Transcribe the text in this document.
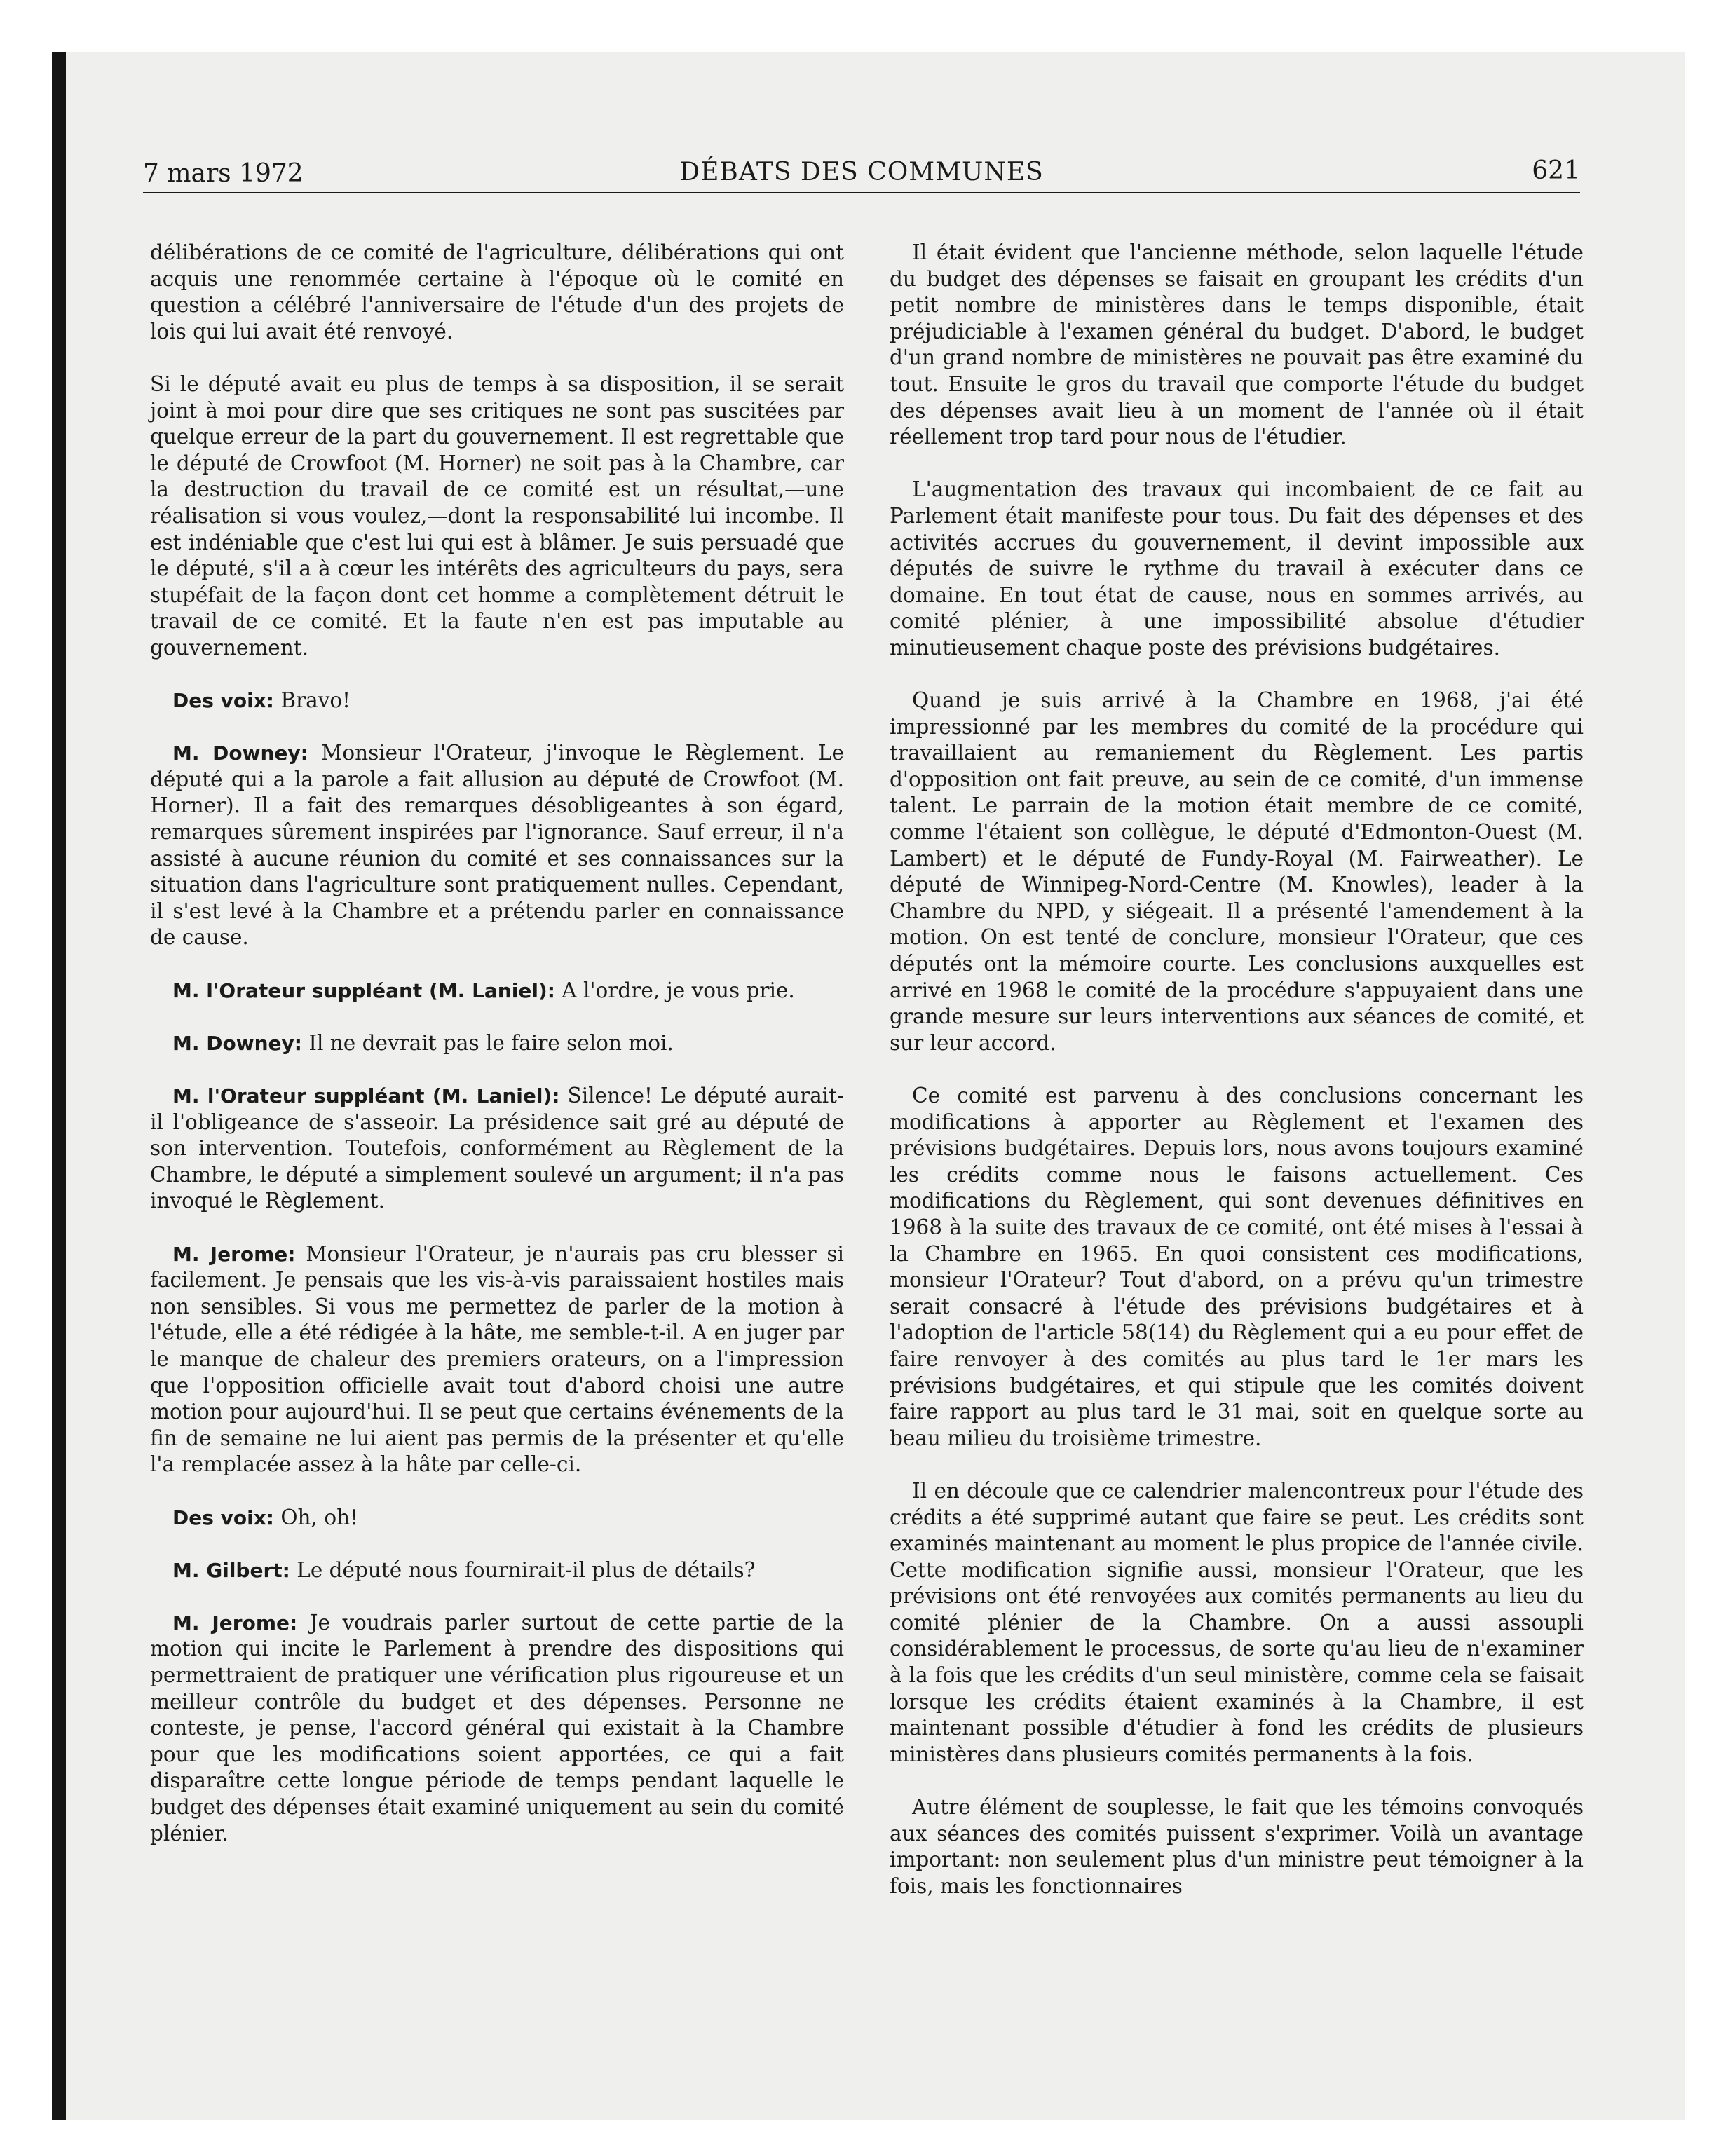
7 mars 1972	DÉBATS DES COMMUNES	621

délibérations de ce comité de l'agriculture, délibérations qui ont acquis une renommée certaine à l'époque où le comité en question a célébré l'anniversaire de l'étude d'un des projets de lois qui lui avait été renvoyé.

Si le député avait eu plus de temps à sa disposition, il se serait joint à moi pour dire que ses critiques ne sont pas suscitées par quelque erreur de la part du gouvernement. Il est regrettable que le député de Crowfoot (M. Horner) ne soit pas à la Chambre, car la destruction du travail de ce comité est un résultat,—une réalisation si vous voulez,—dont la responsabilité lui incombe. Il est indéniable que c'est lui qui est à blâmer. Je suis persuadé que le député, s'il a à cœur les intérêts des agriculteurs du pays, sera stupéfait de la façon dont cet homme a complètement détruit le travail de ce comité. Et la faute n'en est pas imputable au gouvernement.

Des voix: Bravo!

M. Downey: Monsieur l'Orateur, j'invoque le Règlement. Le député qui a la parole a fait allusion au député de Crowfoot (M. Horner). Il a fait des remarques désobligeantes à son égard, remarques sûrement inspirées par l'ignorance. Sauf erreur, il n'a assisté à aucune réunion du comité et ses connaissances sur la situation dans l'agriculture sont pratiquement nulles. Cependant, il s'est levé à la Chambre et a prétendu parler en connaissance de cause.

M. l'Orateur suppléant (M. Laniel): A l'ordre, je vous prie.

M. Downey: Il ne devrait pas le faire selon moi.

M. l'Orateur suppléant (M. Laniel): Silence! Le député aurait-il l'obligeance de s'asseoir. La présidence sait gré au député de son intervention. Toutefois, conformément au Règlement de la Chambre, le député a simplement soulevé un argument; il n'a pas invoqué le Règlement.

M. Jerome: Monsieur l'Orateur, je n'aurais pas cru blesser si facilement. Je pensais que les vis-à-vis paraissaient hostiles mais non sensibles. Si vous me permettez de parler de la motion à l'étude, elle a été rédigée à la hâte, me semble-t-il. A en juger par le manque de chaleur des premiers orateurs, on a l'impression que l'opposition officielle avait tout d'abord choisi une autre motion pour aujourd'hui. Il se peut que certains événements de la fin de semaine ne lui aient pas permis de la présenter et qu'elle l'a remplacée assez à la hâte par celle-ci.

Des voix: Oh, oh!

M. Gilbert: Le député nous fournirait-il plus de détails?

M. Jerome: Je voudrais parler surtout de cette partie de la motion qui incite le Parlement à prendre des dispositions qui permettraient de pratiquer une vérification plus rigoureuse et un meilleur contrôle du budget et des dépenses. Personne ne conteste, je pense, l'accord général qui existait à la Chambre pour que les modifications soient apportées, ce qui a fait disparaître cette longue période de temps pendant laquelle le budget des dépenses était examiné uniquement au sein du comité plénier.

Il était évident que l'ancienne méthode, selon laquelle l'étude du budget des dépenses se faisait en groupant les crédits d'un petit nombre de ministères dans le temps disponible, était préjudiciable à l'examen général du budget. D'abord, le budget d'un grand nombre de ministères ne pouvait pas être examiné du tout. Ensuite le gros du travail que comporte l'étude du budget des dépenses avait lieu à un moment de l'année où il était réellement trop tard pour nous de l'étudier.

L'augmentation des travaux qui incombaient de ce fait au Parlement était manifeste pour tous. Du fait des dépenses et des activités accrues du gouvernement, il devint impossible aux députés de suivre le rythme du travail à exécuter dans ce domaine. En tout état de cause, nous en sommes arrivés, au comité plénier, à une impossibilité absolue d'étudier minutieusement chaque poste des prévisions budgétaires.

Quand je suis arrivé à la Chambre en 1968, j'ai été impressionné par les membres du comité de la procédure qui travaillaient au remaniement du Règlement. Les partis d'opposition ont fait preuve, au sein de ce comité, d'un immense talent. Le parrain de la motion était membre de ce comité, comme l'étaient son collègue, le député d'Edmonton-Ouest (M. Lambert) et le député de Fundy-Royal (M. Fairweather). Le député de Winnipeg-Nord-Centre (M. Knowles), leader à la Chambre du NPD, y siégeait. Il a présenté l'amendement à la motion. On est tenté de conclure, monsieur l'Orateur, que ces députés ont la mémoire courte. Les conclusions auxquelles est arrivé en 1968 le comité de la procédure s'appuyaient dans une grande mesure sur leurs interventions aux séances de comité, et sur leur accord.

Ce comité est parvenu à des conclusions concernant les modifications à apporter au Règlement et l'examen des prévisions budgétaires. Depuis lors, nous avons toujours examiné les crédits comme nous le faisons actuellement. Ces modifications du Règlement, qui sont devenues définitives en 1968 à la suite des travaux de ce comité, ont été mises à l'essai à la Chambre en 1965. En quoi consistent ces modifications, monsieur l'Orateur? Tout d'abord, on a prévu qu'un trimestre serait consacré à l'étude des prévisions budgétaires et à l'adoption de l'article 58(14) du Règlement qui a eu pour effet de faire renvoyer à des comités au plus tard le 1er mars les prévisions budgétaires, et qui stipule que les comités doivent faire rapport au plus tard le 31 mai, soit en quelque sorte au beau milieu du troisième trimestre.

Il en découle que ce calendrier malencontreux pour l'étude des crédits a été supprimé autant que faire se peut. Les crédits sont examinés maintenant au moment le plus propice de l'année civile. Cette modification signifie aussi, monsieur l'Orateur, que les prévisions ont été renvoyées aux comités permanents au lieu du comité plénier de la Chambre. On a aussi assoupli considérablement le processus, de sorte qu'au lieu de n'examiner à la fois que les crédits d'un seul ministère, comme cela se faisait lorsque les crédits étaient examinés à la Chambre, il est maintenant possible d'étudier à fond les crédits de plusieurs ministères dans plusieurs comités permanents à la fois.

Autre élément de souplesse, le fait que les témoins convoqués aux séances des comités puissent s'exprimer. Voilà un avantage important: non seulement plus d'un ministre peut témoigner à la fois, mais les fonctionnaires
